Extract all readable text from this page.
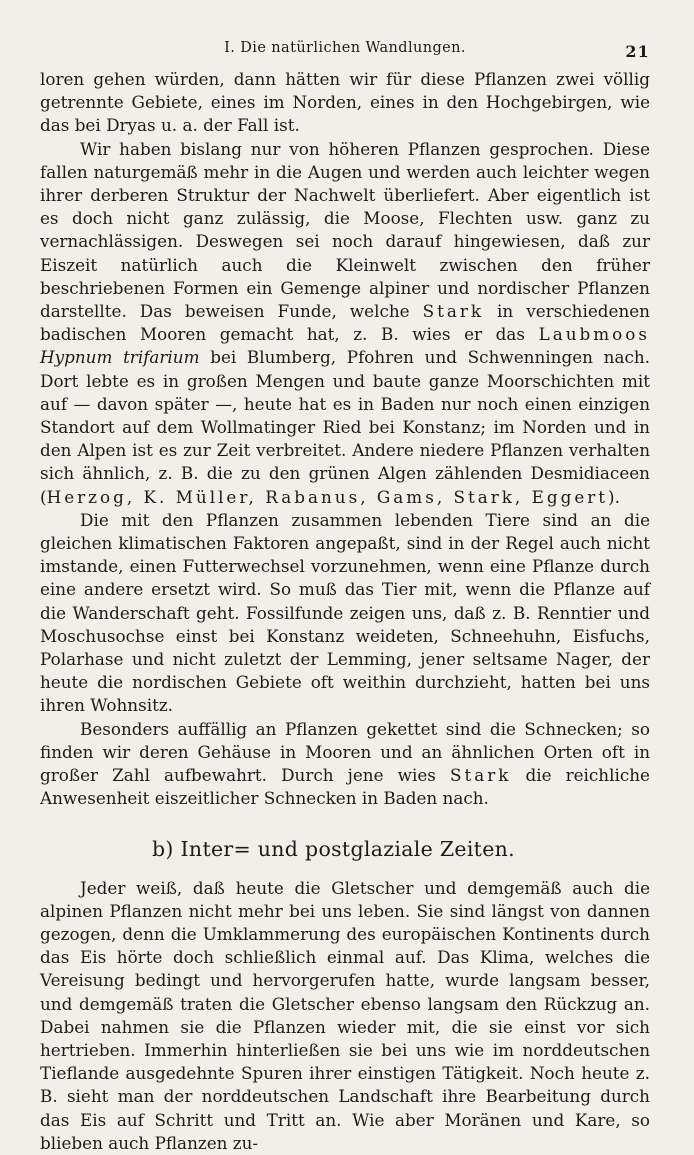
I. Die natürlichen Wandlungen.	21

loren gehen würden, dann hätten wir für diese Pflanzen zwei völlig getrennte Gebiete, eines im Norden, eines in den Hochgebirgen, wie das bei Dryas u. a. der Fall ist.

Wir haben bislang nur von höheren Pflanzen gesprochen. Diese fallen naturgemäß mehr in die Augen und werden auch leichter wegen ihrer derberen Struktur der Nachwelt überliefert. Aber eigentlich ist es doch nicht ganz zulässig, die Moose, Flechten usw. ganz zu vernachlässigen. Deswegen sei noch darauf hingewiesen, daß zur Eiszeit natürlich auch die Kleinwelt zwischen den früher beschriebenen Formen ein Gemenge alpiner und nordischer Pflanzen darstellte. Das beweisen Funde, welche Stark in verschiedenen badischen Mooren gemacht hat, z. B. wies er das Laubmoos Hypnum trifarium bei Blumberg, Pfohren und Schwenningen nach. Dort lebte es in großen Mengen und baute ganze Moorschichten mit auf — davon später —, heute hat es in Baden nur noch einen einzigen Standort auf dem Wollmatinger Ried bei Konstanz; im Norden und in den Alpen ist es zur Zeit verbreitet. Andere niedere Pflanzen verhalten sich ähnlich, z. B. die zu den grünen Algen zählenden Desmidiaceen (Herzog, K. Müller, Rabanus, Gams, Stark, Eggert).

Die mit den Pflanzen zusammen lebenden Tiere sind an die gleichen klimatischen Faktoren angepaßt, sind in der Regel auch nicht imstande, einen Futterwechsel vorzunehmen, wenn eine Pflanze durch eine andere ersetzt wird. So muß das Tier mit, wenn die Pflanze auf die Wanderschaft geht. Fossilfunde zeigen uns, daß z. B. Renntier und Moschusochse einst bei Konstanz weideten, Schneehuhn, Eisfuchs, Polarhase und nicht zuletzt der Lemming, jener seltsame Nager, der heute die nordischen Gebiete oft weithin durchzieht, hatten bei uns ihren Wohnsitz.

Besonders auffällig an Pflanzen gekettet sind die Schnecken; so finden wir deren Gehäuse in Mooren und an ähnlichen Orten oft in großer Zahl aufbewahrt. Durch jene wies Stark die reichliche Anwesenheit eiszeitlicher Schnecken in Baden nach.

b) Inter= und postglaziale Zeiten.

Jeder weiß, daß heute die Gletscher und demgemäß auch die alpinen Pflanzen nicht mehr bei uns leben. Sie sind längst von dannen gezogen, denn die Umklammerung des europäischen Kontinents durch das Eis hörte doch schließlich einmal auf. Das Klima, welches die Vereisung bedingt und hervorgerufen hatte, wurde langsam besser, und demgemäß traten die Gletscher ebenso langsam den Rückzug an. Dabei nahmen sie die Pflanzen wieder mit, die sie einst vor sich hertrieben. Immerhin hinterließen sie bei uns wie im norddeutschen Tieflande ausgedehnte Spuren ihrer einstigen Tätigkeit. Noch heute z. B. sieht man der norddeutschen Landschaft ihre Bearbeitung durch das Eis auf Schritt und Tritt an. Wie aber Moränen und Kare, so blieben auch Pflanzen zu-
